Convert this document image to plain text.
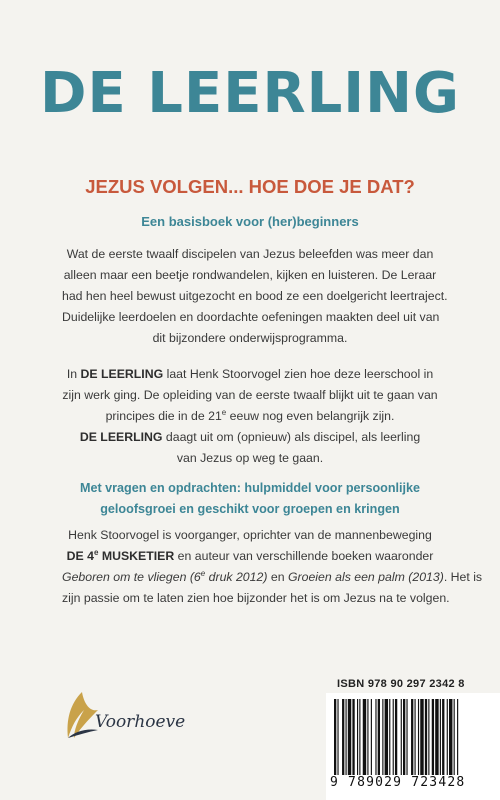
DE LEERLING
JEZUS VOLGEN... HOE DOE JE DAT?
Een basisboek voor (her)beginners

Wat de eerste twaalf discipelen van Jezus beleefden was meer dan
alleen maar een beetje rondwandelen, kijken en luisteren. De Leraar
had hen heel bewust uitgezocht en bood ze een doelgericht leertraject.
Duidelijke leerdoelen en doordachte oefeningen maakten deel uit van
dit bijzondere onderwijsprogramma.

In DE LEERLING laat Henk Stoorvogel zien hoe deze leerschool in
zijn werk ging. De opleiding van de eerste twaalf blijkt uit te gaan van
principes die in de 21e eeuw nog even belangrijk zijn.
DE LEERLING daagt uit om (opnieuw) als discipel, als leerling
van Jezus op weg te gaan.

Met vragen en opdrachten: hulpmiddel voor persoonlijke
geloofsgroei en geschikt voor groepen en kringen

Henk Stoorvogel is voorganger, oprichter van de mannenbeweging
DE 4e MUSKETIER en auteur van verschillende boeken waaronder
Geboren om te vliegen (6e druk 2012) en Groeien als een palm (2013). Het is
zijn passie om te laten zien hoe bijzonder het is om Jezus na te volgen.

Voorhoeve
ISBN 978 90 297 2342 8
9 789029 723428
